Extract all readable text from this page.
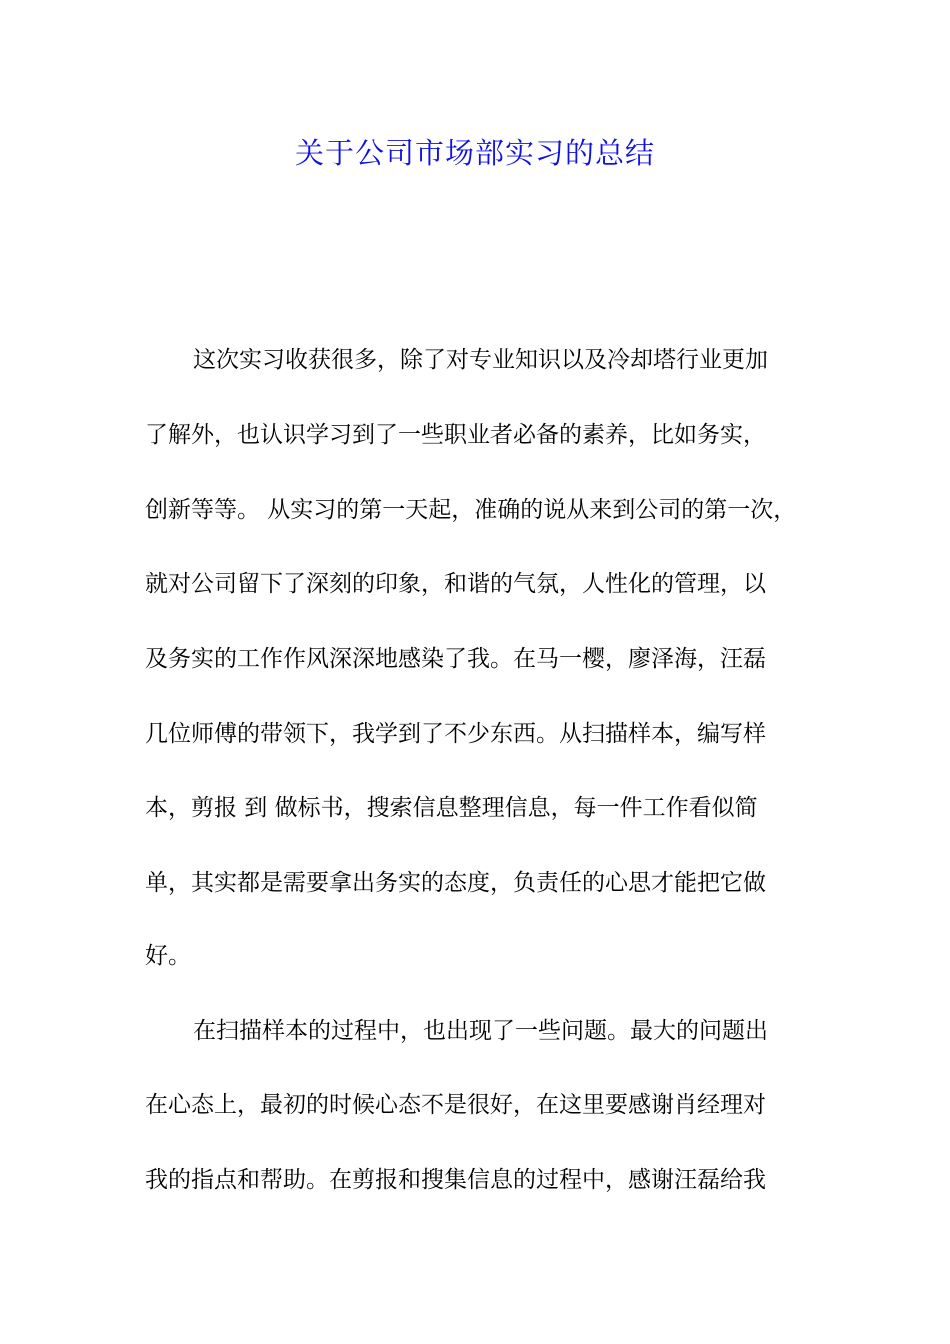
关于公司市场部实习的总结
这次实习收获很多，除了对专业知识以及冷却塔行业更加
了解外，也认识学习到了一些职业者必备的素养，比如务实，
创新等等。 从实习的第一天起，准确的说从来到公司的第一次，
就对公司留下了深刻的印象，和谐的气氛，人性化的管理，以
及务实的工作作风深深地感染了我。在马一樱，廖泽海，汪磊
几位师傅的带领下，我学到了不少东西。从扫描样本，编写样
本，剪报 到 做标书，搜索信息整理信息，每一件工作看似简
单，其实都是需要拿出务实的态度，负责任的心思才能把它做
好。
在扫描样本的过程中，也出现了一些问题。最大的问题出
在心态上，最初的时候心态不是很好，在这里要感谢肖经理对
我的指点和帮助。在剪报和搜集信息的过程中，感谢汪磊给我
